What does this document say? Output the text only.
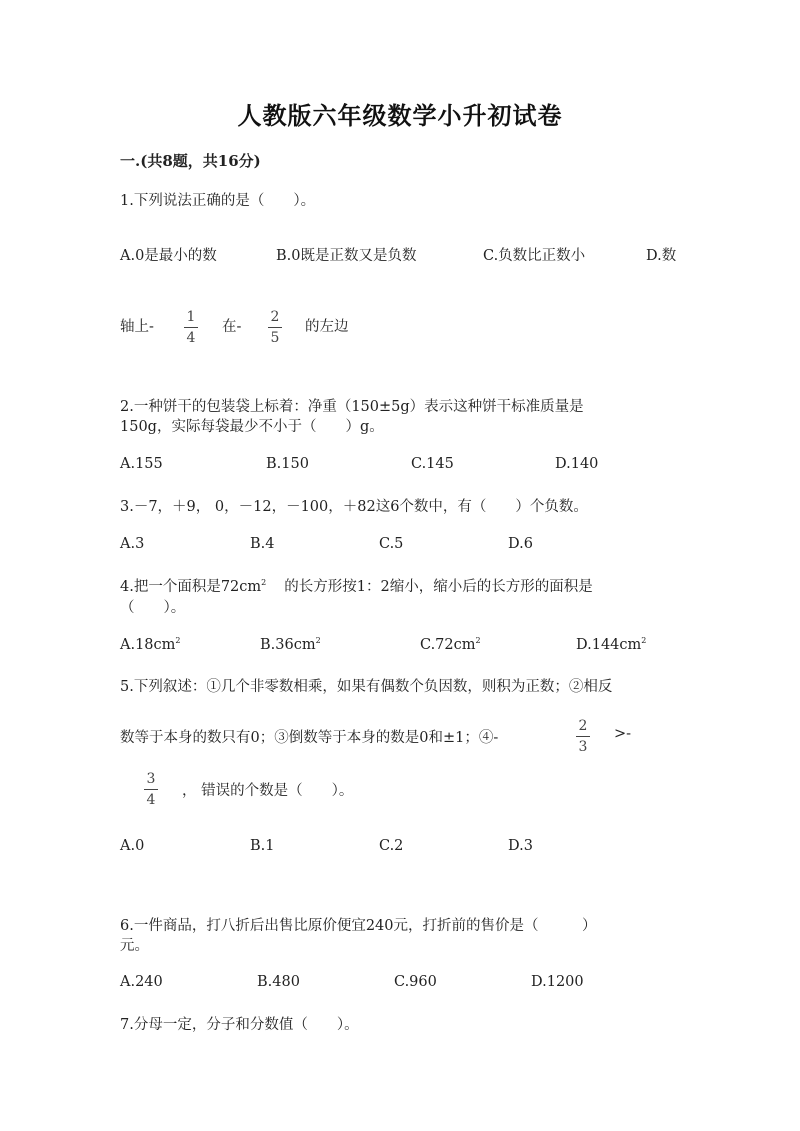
人教版六年级数学小升初试卷
一.(共8题，共16分)
1.下列说法正确的是（　　）。
A.0是最小的数	B.0既是正数又是负数	C.负数比正数小	D.数
轴上-
1
4
在-
2
5
的左边
2.一种饼干的包装袋上标着：净重（150±5g）表示这种饼干标准质量是
150g，实际每袋最少不小于（　　）g。
A.155	B.150	C.145	D.140
3.－7，＋9， 0，－12，－100，＋82这6个数中，有（　　）个负数。
A.3	B.4	C.5	D.6
4.把一个面积是$72cm^2$ 的长方形按1：2缩小，缩小后的长方形的面积是
（　　）。
$A.18cm^2$	$B.36cm^2$	$C.72cm^2$	$D.144cm^2$
5.下列叙述：①几个非零数相乘，如果有偶数个负因数，则积为正数；②相反
数等于本身的数只有0；③倒数等于本身的数是0和±1；④-
2
3
>-
3
4
， 错误的个数是（　　）。
A.0	B.1	C.2	D.3
6.一件商品，打八折后出售比原价便宜240元，打折前的售价是（　　　）
元。
A.240	B.480	C.960	D.1200
7.分母一定，分子和分数值（　　）。
